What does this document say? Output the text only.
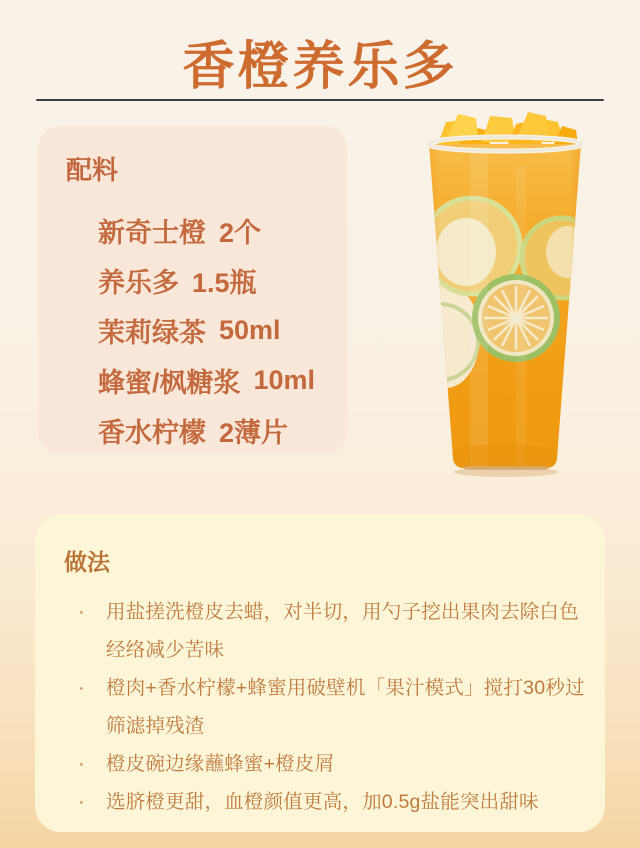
香橙养乐多
配料
新奇士橙 2个
养乐多 1.5瓶
茉莉绿茶 50ml
蜂蜜/枫糖浆 10ml
香水柠檬 2薄片
做法
·	用盐搓洗橙皮去蜡，对半切，用勺子挖出果肉去除白色经络减少苦味
·	橙肉+香水柠檬+蜂蜜用破壁机「果汁模式」搅打30秒过筛滤掉残渣
·	橙皮碗边缘蘸蜂蜜+橙皮屑
·	选脐橙更甜，血橙颜值更高，加0.5g盐能突出甜味
